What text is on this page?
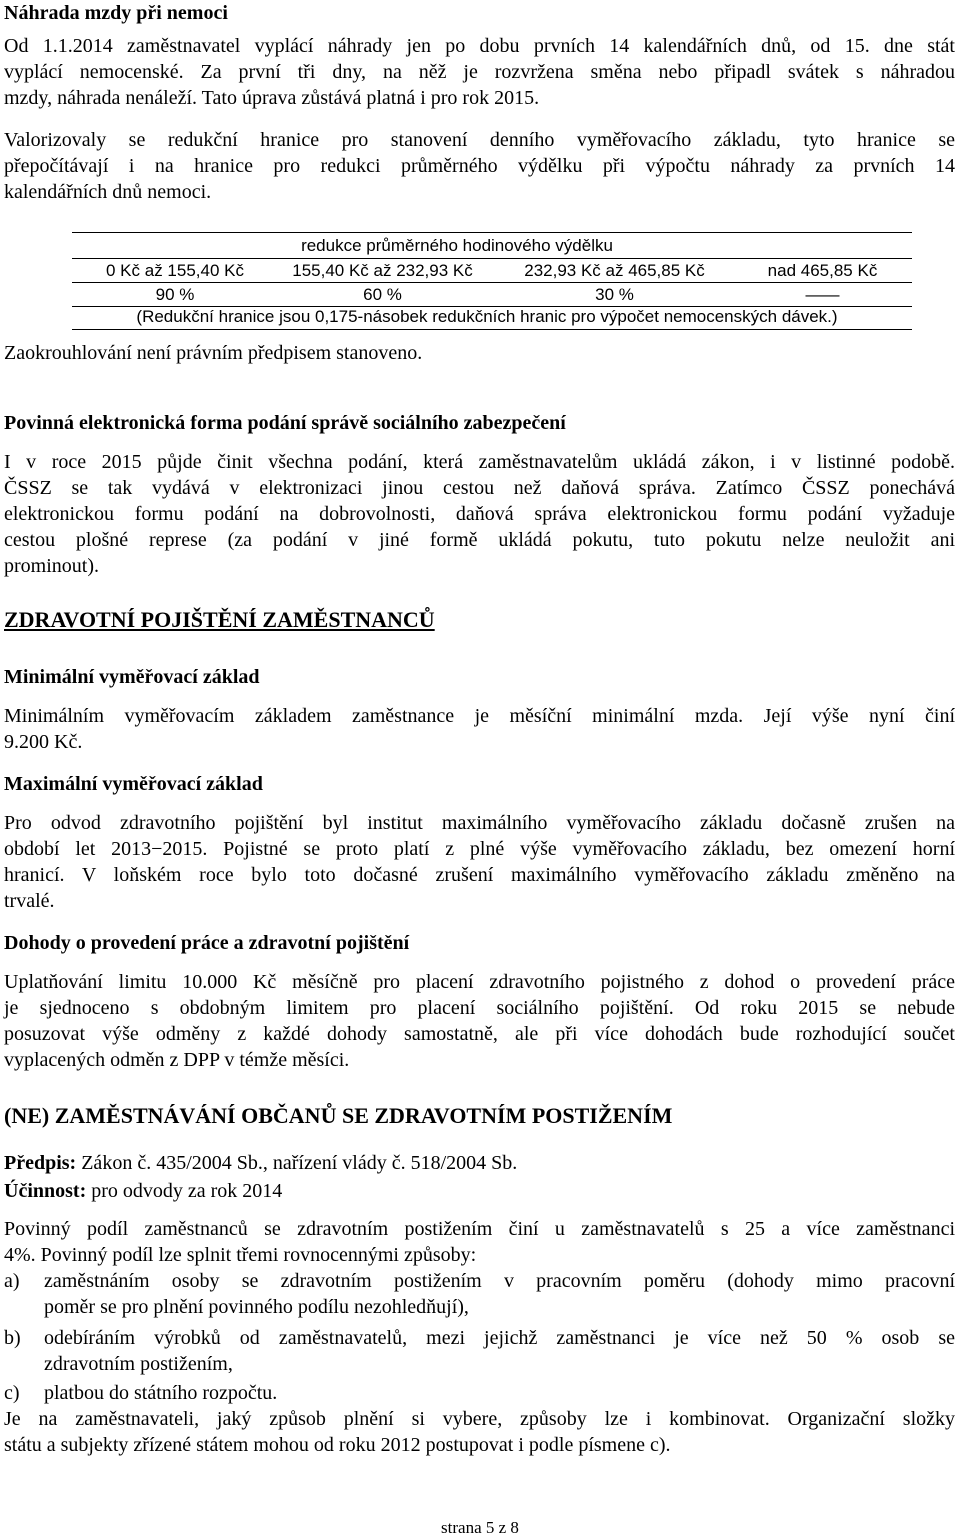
Náhrada mzdy při nemoci
Od 1.1.2014 zaměstnavatel vyplácí náhrady jen po dobu prvních 14 kalendářních dnů, od 15. dne stát
vyplácí nemocenské. Za první tři dny, na něž je rozvržena směna nebo připadl svátek s náhradou
mzdy, náhrada nenáleží. Tato úprava zůstává platná i pro rok 2015.
Valorizovaly se redukční hranice pro stanovení denního vyměřovacího základu, tyto hranice se
přepočítávají i na hranice pro redukci průměrného výdělku při výpočtu náhrady za prvních 14
kalendářních dnů nemoci.
redukce průměrného hodinového výdělku
0 Kč až 155,40 Kč	155,40 Kč až 232,93 Kč	232,93 Kč až 465,85 Kč	nad 465,85 Kč
90 %	60 %	30 %	——
(Redukční hranice jsou 0,175-násobek redukčních hranic pro výpočet nemocenských dávek.)
Zaokrouhlování není právním předpisem stanoveno.
Povinná elektronická forma podání správě sociálního zabezpečení
I v roce 2015 půjde činit všechna podání, která zaměstnavatelům ukládá zákon, i v listinné podobě.
ČSSZ se tak vydává v elektronizaci jinou cestou než daňová správa. Zatímco ČSSZ ponechává
elektronickou formu podání na dobrovolnosti, daňová správa elektronickou formu podání vyžaduje
cestou plošné represe (za podání v jiné formě ukládá pokutu, tuto pokutu nelze neuložit ani
prominout).
ZDRAVOTNÍ POJIŠTĚNÍ ZAMĚSTNANCŮ
Minimální vyměřovací základ
Minimálním vyměřovacím základem zaměstnance je měsíční minimální mzda. Její výše nyní činí
9.200 Kč.
Maximální vyměřovací základ
Pro odvod zdravotního pojištění byl institut maximálního vyměřovacího základu dočasně zrušen na
období let 2013−2015. Pojistné se proto platí z plné výše vyměřovacího základu, bez omezení horní
hranicí. V loňském roce bylo toto dočasné zrušení maximálního vyměřovacího základu změněno na
trvalé.
Dohody o provedení práce a zdravotní pojištění
Uplatňování limitu 10.000 Kč měsíčně pro placení zdravotního pojistného z dohod o provedení práce
je sjednoceno s obdobným limitem pro placení sociálního pojištění. Od roku 2015 se nebude
posuzovat výše odměny z každé dohody samostatně, ale při více dohodách bude rozhodující součet
vyplacených odměn z DPP v témže měsíci.
(NE) ZAMĚSTNÁVÁNÍ OBČANŮ SE ZDRAVOTNÍM POSTIŽENÍM
Předpis: Zákon č. 435/2004 Sb., nařízení vlády č. 518/2004 Sb.
Účinnost: pro odvody za rok 2014
Povinný podíl zaměstnanců se zdravotním postižením činí u zaměstnavatelů s 25 a více zaměstnanci
4%. Povinný podíl lze splnit třemi rovnocennými způsoby:
a) zaměstnáním osoby se zdravotním postižením v pracovním poměru (dohody mimo pracovní
poměr se pro plnění povinného podílu nezohledňují),
b) odebíráním výrobků od zaměstnavatelů, mezi jejichž zaměstnanci je více než 50 % osob se
zdravotním postižením,
c) platbou do státního rozpočtu.
Je na zaměstnavateli, jaký způsob plnění si vybere, způsoby lze i kombinovat. Organizační složky
státu a subjekty zřízené státem mohou od roku 2012 postupovat i podle písmene c).
strana 5 z 8
